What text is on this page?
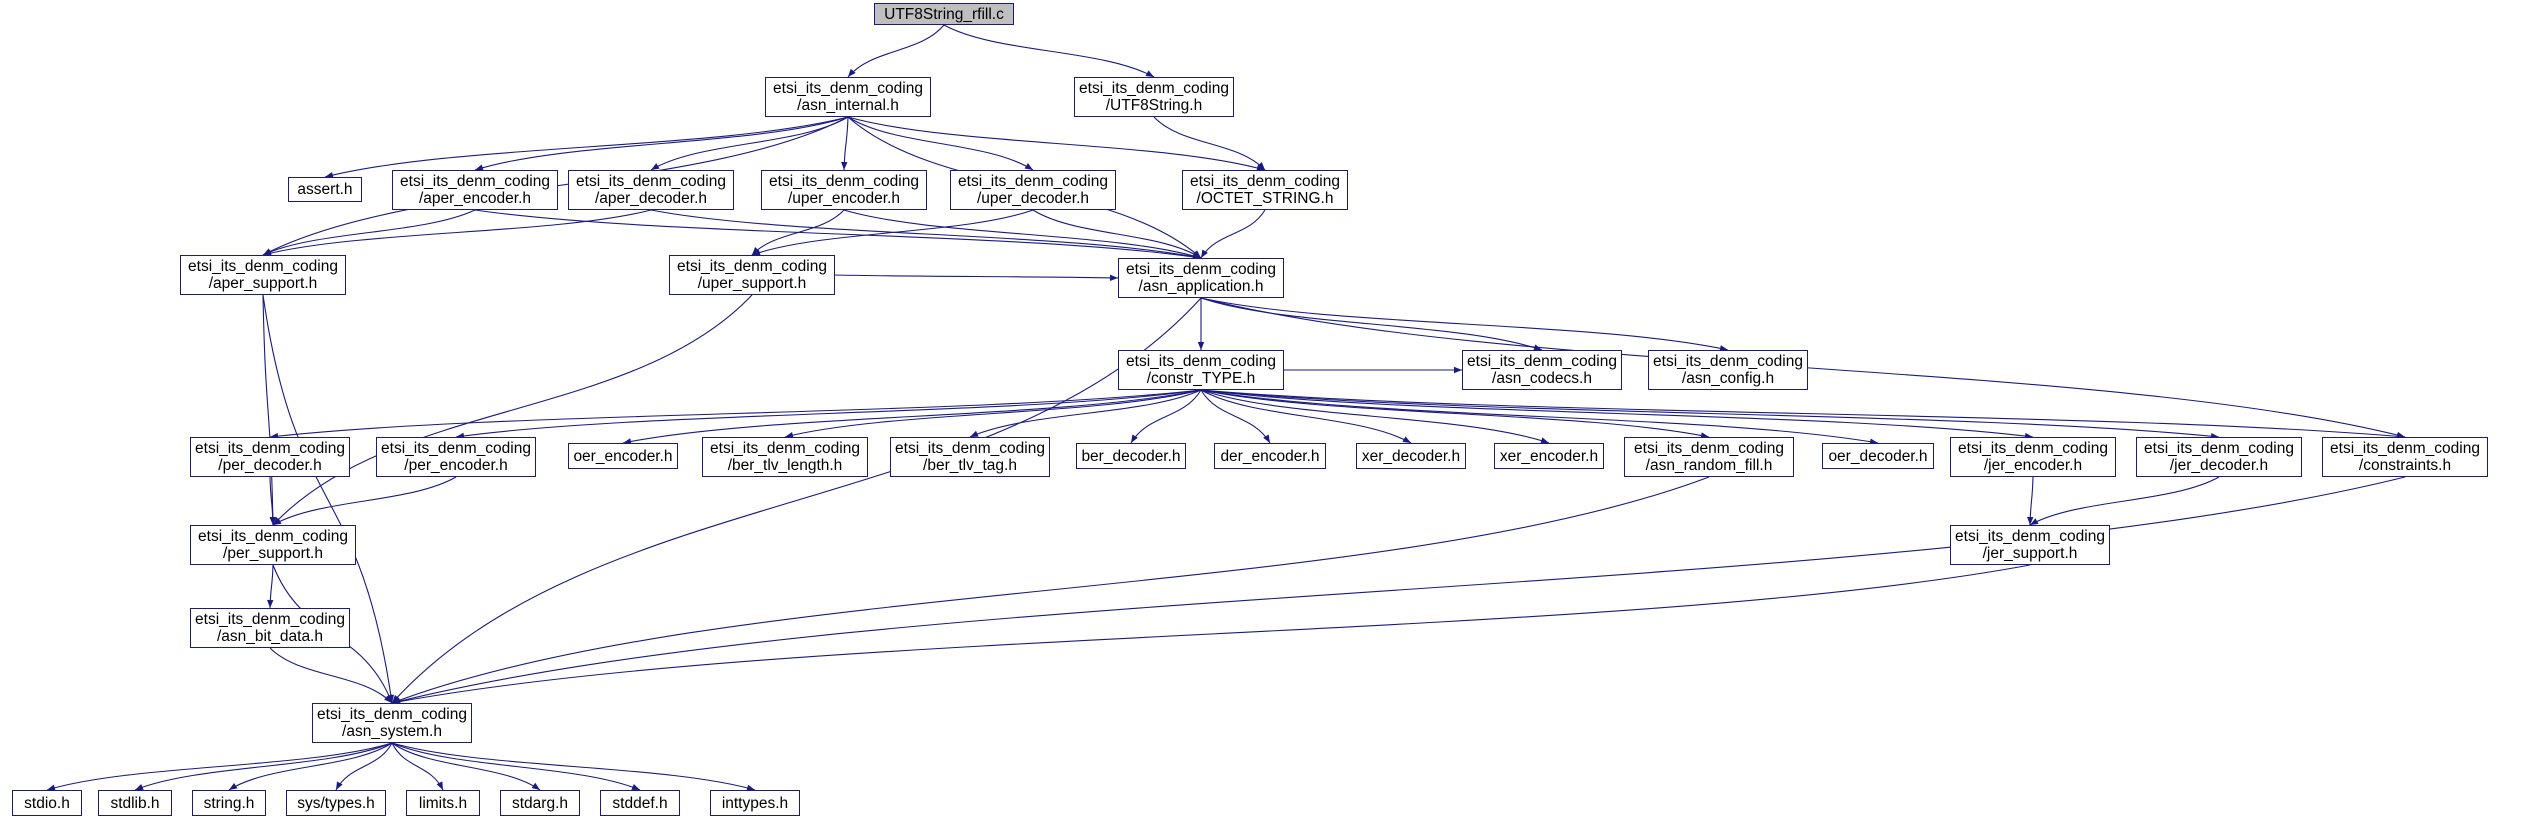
UTF8String_rfill.c
etsi_its_denm_coding
/asn_internal.h
etsi_its_denm_coding
/UTF8String.h
assert.h	etsi_its_denm_coding
/aper_encoder.h
etsi_its_denm_coding
/aper_decoder.h
etsi_its_denm_coding
/uper_encoder.h
etsi_its_denm_coding
/uper_decoder.h
etsi_its_denm_coding
/OCTET_STRING.h
etsi_its_denm_coding
/aper_support.h
etsi_its_denm_coding
/uper_support.h
etsi_its_denm_coding
/asn_application.h
etsi_its_denm_coding
/constr_TYPE.h
etsi_its_denm_coding
/asn_codecs.h
etsi_its_denm_coding
/asn_config.h
etsi_its_denm_coding
/per_decoder.h
etsi_its_denm_coding
/per_encoder.h
oer_encoder.h etsi_its_denm_coding
/ber_tlv_length.h
etsi_its_denm_coding
/ber_tlv_tag.h
ber_decoder.h	der_encoder.h	xer_decoder.h	xer_encoder.h etsi_its_denm_coding
/asn_random_fill.h
oer_decoder.h etsi_its_denm_coding
/jer_encoder.h
etsi_its_denm_coding
/jer_decoder.h
etsi_its_denm_coding
/constraints.h
etsi_its_denm_coding
/per_support.h
etsi_its_denm_coding
/jer_support.h
etsi_its_denm_coding
/asn_bit_data.h
etsi_its_denm_coding
/asn_system.h
stdio.h	stdlib.h	string.h	sys/types.h	limits.h	stdarg.h	stddef.h	inttypes.h
